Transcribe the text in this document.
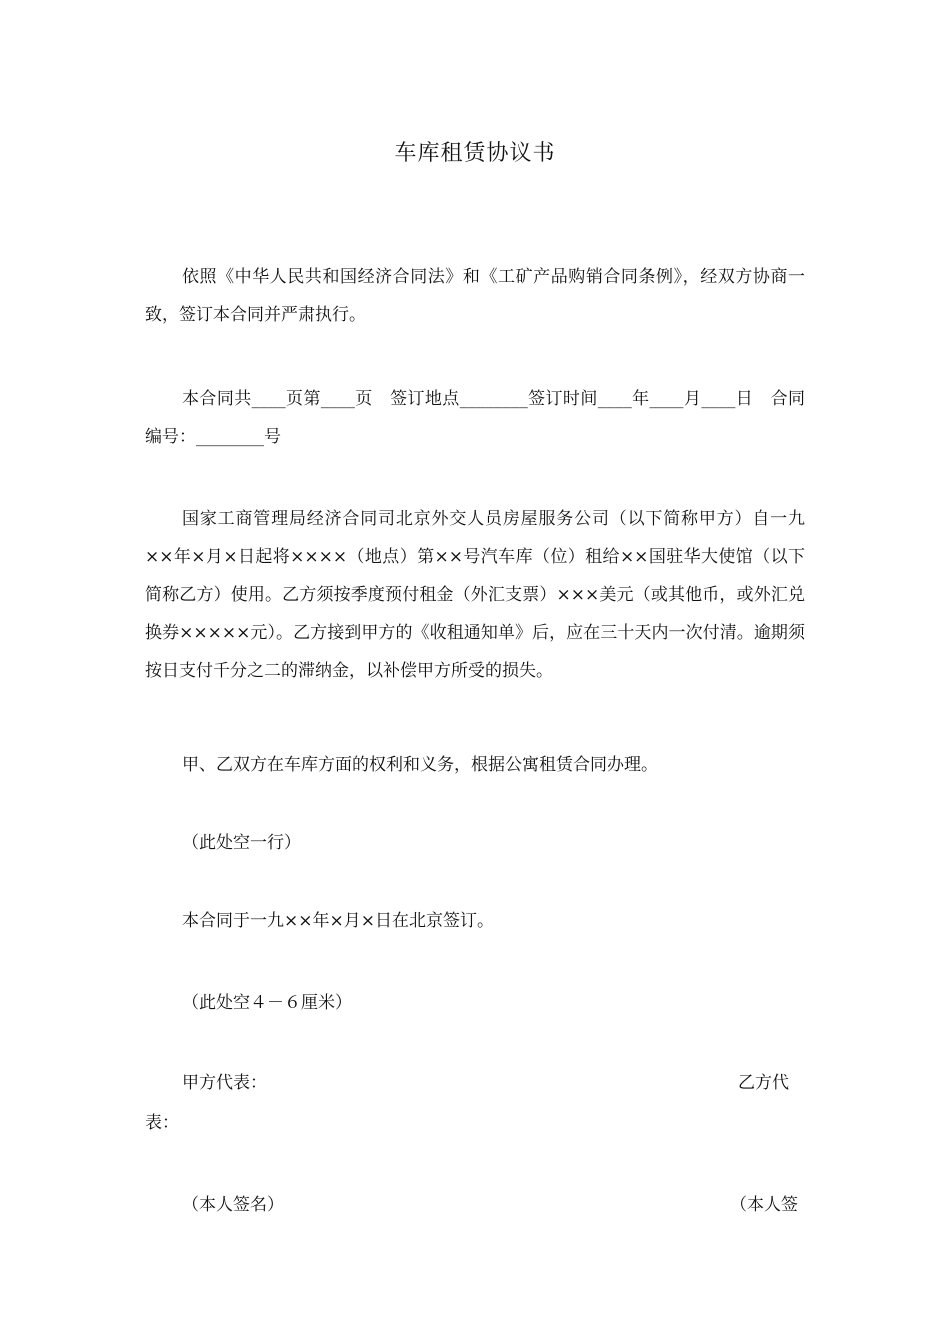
车库租赁协议书

依照《中华人民共和国经济合同法》和《工矿产品购销合同条例》，经双方协商一致，签订本合同并严肃执行。

本合同共____页第____页　签订地点________签订时间____年____月____日　合同编号：________号

国家工商管理局经济合同司北京外交人员房屋服务公司（以下简称甲方）自一九××年×月×日起将××××（地点）第××号汽车库（位）租给××国驻华大使馆（以下简称乙方）使用。乙方须按季度预付租金（外汇支票）×××美元（或其他币，或外汇兑换券×××××元）。乙方接到甲方的《收租通知单》后，应在三十天内一次付清。逾期须按日支付千分之二的滞纳金，以补偿甲方所受的损失。

甲、乙双方在车库方面的权利和义务，根据公寓租赁合同办理。

（此处空一行）

本合同于一九××年×月×日在北京签订。

（此处空４－６厘米）

甲方代表：	乙方代

表：

（本人签名）	（本人签
